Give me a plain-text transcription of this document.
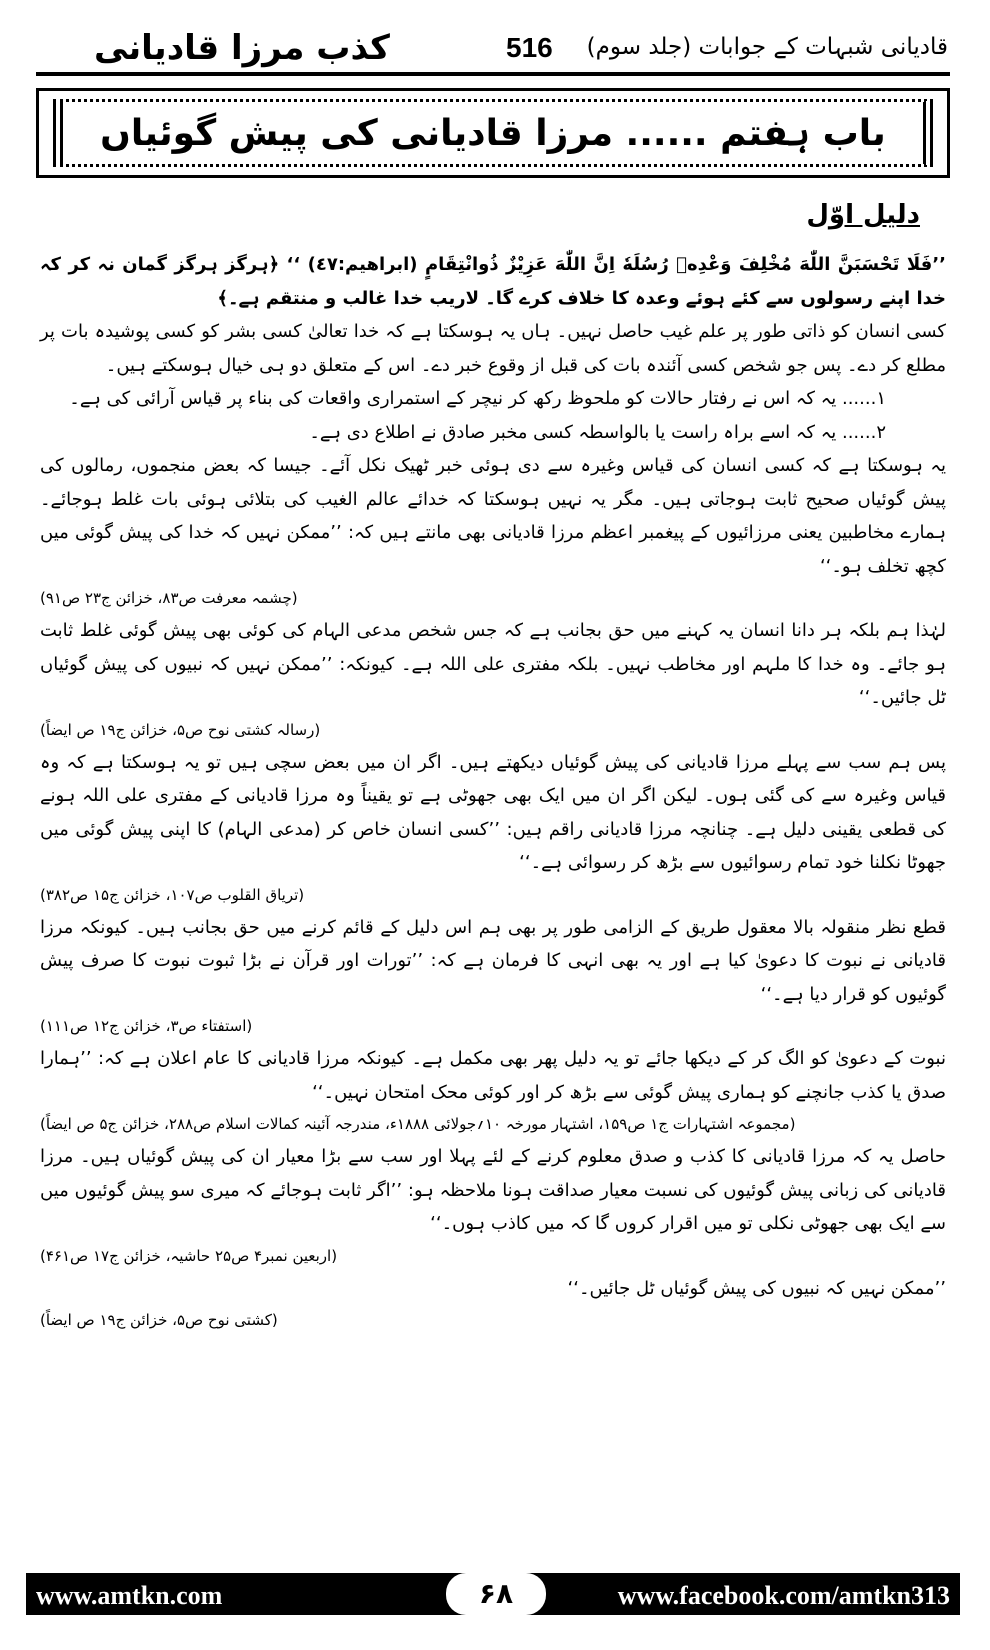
کذب مرزا قادیانی	516 قادیانی شبہات کے جوابات (جلد سوم)
باب ہفتم ...... مرزا قادیانی کی پیش گوئیاں
دلیل اوّل

’’فَلَا تَحْسَبَنَّ اللّٰهَ مُخْلِفَ وَعْدِهٖ رُسُلَهٗ اِنَّ اللّٰهَ عَزِيْزٌ ذُوانْتِقَامٍ (ابراهيم:٤٧) ‘‘ ﴿ہرگز ہرگز گمان نہ کر کہ خدا اپنے رسولوں سے کئے ہوئے وعدہ کا خلاف کرے گا۔ لاریب خدا غالب و منتقم ہے۔﴾

کسی انسان کو ذاتی طور پر علم غیب حاصل نہیں۔ ہاں یہ ہوسکتا ہے کہ خدا تعالیٰ کسی بشر کو کسی پوشیدہ بات پر مطلع کر دے۔ پس جو شخص کسی آئندہ بات کی قبل از وقوع خبر دے۔ اس کے متعلق دو ہی خیال ہوسکتے ہیں۔

۱...... یہ کہ اس نے رفتار حالات کو ملحوظ رکھ کر نیچر کے استمراری واقعات کی بناء پر قیاس آرائی کی ہے۔

۲...... یہ کہ اسے براہ راست یا بالواسطہ کسی مخبر صادق نے اطلاع دی ہے۔

یہ ہوسکتا ہے کہ کسی انسان کی قیاس وغیرہ سے دی ہوئی خبر ٹھیک نکل آئے۔ جیسا کہ بعض منجموں، رمالوں کی پیش گوئیاں صحیح ثابت ہوجاتی ہیں۔ مگر یہ نہیں ہوسکتا کہ خدائے عالم الغیب کی بتلائی ہوئی بات غلط ہوجائے۔ ہمارے مخاطبین یعنی مرزائیوں کے پیغمبر اعظم مرزا قادیانی بھی مانتے ہیں کہ: ’’ممکن نہیں کہ خدا کی پیش گوئی میں کچھ تخلف ہو۔‘‘

(چشمہ معرفت ص۸۳، خزائن ج۲۳ ص۹۱)

لہٰذا ہم بلکہ ہر دانا انسان یہ کہنے میں حق بجانب ہے کہ جس شخص مدعی الہام کی کوئی بھی پیش گوئی غلط ثابت ہو جائے۔ وہ خدا کا ملہم اور مخاطب نہیں۔ بلکہ مفتری علی اللہ ہے۔ کیونکہ: ’’ممکن نہیں کہ نبیوں کی پیش گوئیاں ٹل جائیں۔‘‘

(رسالہ کشتی نوح ص۵، خزائن ج۱۹ ص ایضاً)

پس ہم سب سے پہلے مرزا قادیانی کی پیش گوئیاں دیکھتے ہیں۔ اگر ان میں بعض سچی ہیں تو یہ ہوسکتا ہے کہ وہ قیاس وغیرہ سے کی گئی ہوں۔ لیکن اگر ان میں ایک بھی جھوٹی ہے تو یقیناً وہ مرزا قادیانی کے مفتری علی اللہ ہونے کی قطعی یقینی دلیل ہے۔ چنانچہ مرزا قادیانی راقم ہیں: ’’کسی انسان خاص کر (مدعی الہام) کا اپنی پیش گوئی میں جھوٹا نکلنا خود تمام رسوائیوں سے بڑھ کر رسوائی ہے۔‘‘

(تریاق القلوب ص۱۰۷، خزائن ج۱۵ ص۳۸۲)

قطع نظر منقولہ بالا معقول طریق کے الزامی طور پر بھی ہم اس دلیل کے قائم کرنے میں حق بجانب ہیں۔ کیونکہ مرزا قادیانی نے نبوت کا دعویٰ کیا ہے اور یہ بھی انہی کا فرمان ہے کہ: ’’تورات اور قرآن نے بڑا ثبوت نبوت کا صرف پیش گوئیوں کو قرار دیا ہے۔‘‘

(استفتاء ص۳، خزائن ج۱۲ ص۱۱۱)

نبوت کے دعویٰ کو الگ کر کے دیکھا جائے تو یہ دلیل پھر بھی مکمل ہے۔ کیونکہ مرزا قادیانی کا عام اعلان ہے کہ: ’’ہمارا صدق یا کذب جانچنے کو ہماری پیش گوئی سے بڑھ کر اور کوئی محک امتحان نہیں۔‘‘

(مجموعہ اشتہارات ج۱ ص۱۵۹، اشتہار مورخہ ۱۰؍جولائی ۱۸۸۸ء، مندرجہ آئینہ کمالات اسلام ص۲۸۸، خزائن ج۵ ص ایضاً)

حاصل یہ کہ مرزا قادیانی کا کذب و صدق معلوم کرنے کے لئے پہلا اور سب سے بڑا معیار ان کی پیش گوئیاں ہیں۔ مرزا قادیانی کی زبانی پیش گوئیوں کی نسبت معیار صداقت ہونا ملاحظہ ہو: ’’اگر ثابت ہوجائے کہ میری سو پیش گوئیوں میں سے ایک بھی جھوٹی نکلی تو میں اقرار کروں گا کہ میں کاذب ہوں۔‘‘

(اربعین نمبر۴ ص۲۵ حاشیہ، خزائن ج۱۷ ص۴۶۱)

’’ممکن نہیں کہ نبیوں کی پیش گوئیاں ٹل جائیں۔‘‘

(کشتی نوح ص۵، خزائن ج۱۹ ص ایضاً)

www.amtkn.com	۶۸	www.facebook.com/amtkn313
